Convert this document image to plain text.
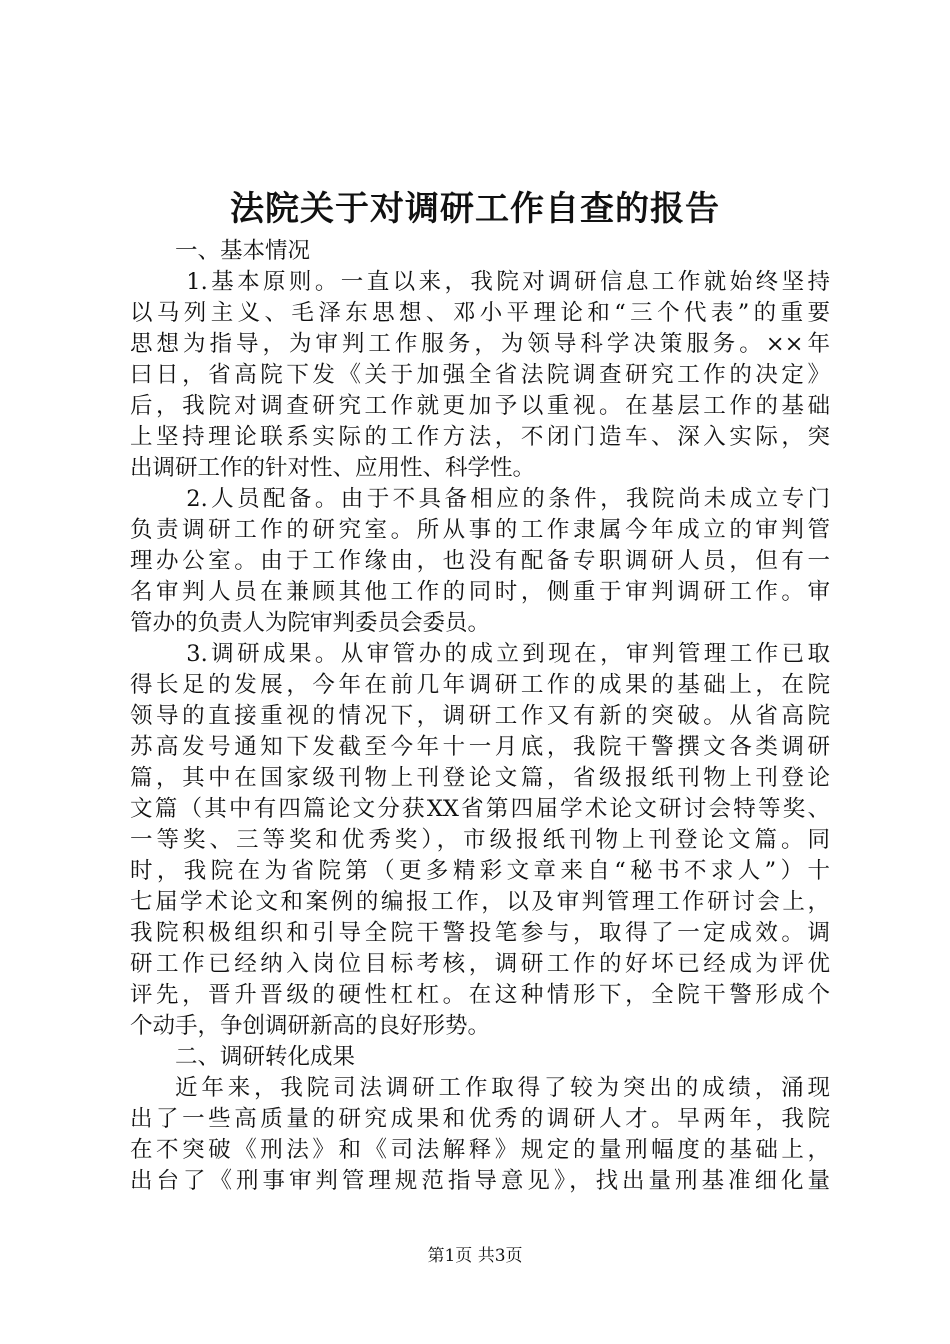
法院关于对调研工作自查的报告
一、基本情况
1.基本原则。一直以来，我院对调研信息工作就始终坚持
以马列主义、毛泽东思想、邓小平理论和“三个代表”的重要
思想为指导，为审判工作服务，为领导科学决策服务。××年
曰日，省高院下发《关于加强全省法院调查研究工作的决定》
后，我院对调查研究工作就更加予以重视。在基层工作的基础
上坚持理论联系实际的工作方法，不闭门造车、深入实际，突
出调研工作的针对性、应用性、科学性。
2.人员配备。由于不具备相应的条件，我院尚未成立专门
负责调研工作的研究室。所从事的工作隶属今年成立的审判管
理办公室。由于工作缘由，也没有配备专职调研人员，但有一
名审判人员在兼顾其他工作的同时，侧重于审判调研工作。审
管办的负责人为院审判委员会委员。
3.调研成果。从审管办的成立到现在，审判管理工作已取
得长足的发展，今年在前几年调研工作的成果的基础上，在院
领导的直接重视的情况下，调研工作又有新的突破。从省高院
苏高发号通知下发截至今年十一月底，我院干警撰文各类调研
篇，其中在国家级刊物上刊登论文篇，省级报纸刊物上刊登论
文篇（其中有四篇论文分获XX省第四届学术论文研讨会特等奖、
一等奖、三等奖和优秀奖），市级报纸刊物上刊登论文篇。同
时，我院在为省院第（更多精彩文章来自“秘书不求人”）十
七届学术论文和案例的编报工作，以及审判管理工作研讨会上，
我院积极组织和引导全院干警投笔参与，取得了一定成效。调
研工作已经纳入岗位目标考核，调研工作的好坏已经成为评优
评先，晋升晋级的硬性杠杠。在这种情形下，全院干警形成个
个动手，争创调研新高的良好形势。
二、调研转化成果
近年来，我院司法调研工作取得了较为突出的成绩，涌现
出了一些高质量的研究成果和优秀的调研人才。早两年，我院
在不突破《刑法》和《司法解释》规定的量刑幅度的基础上，
出台了《刑事审判管理规范指导意见》，找出量刑基准细化量
第1页 共3页
